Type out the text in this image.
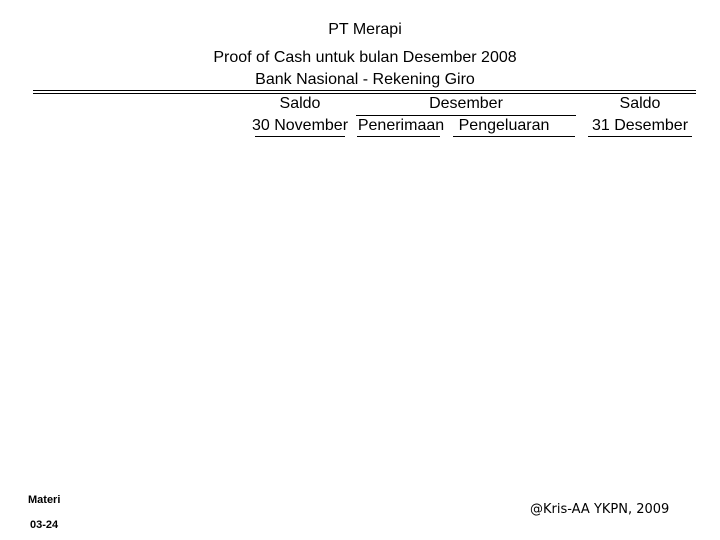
PT Merapi
Proof of Cash untuk bulan Desember 2008
Bank Nasional - Rekening Giro
Saldo
30 November
Desember
Penerimaan Pengeluaran
Saldo
31 Desember
Materi
03-24
@Kris-AA YKPN, 2009
